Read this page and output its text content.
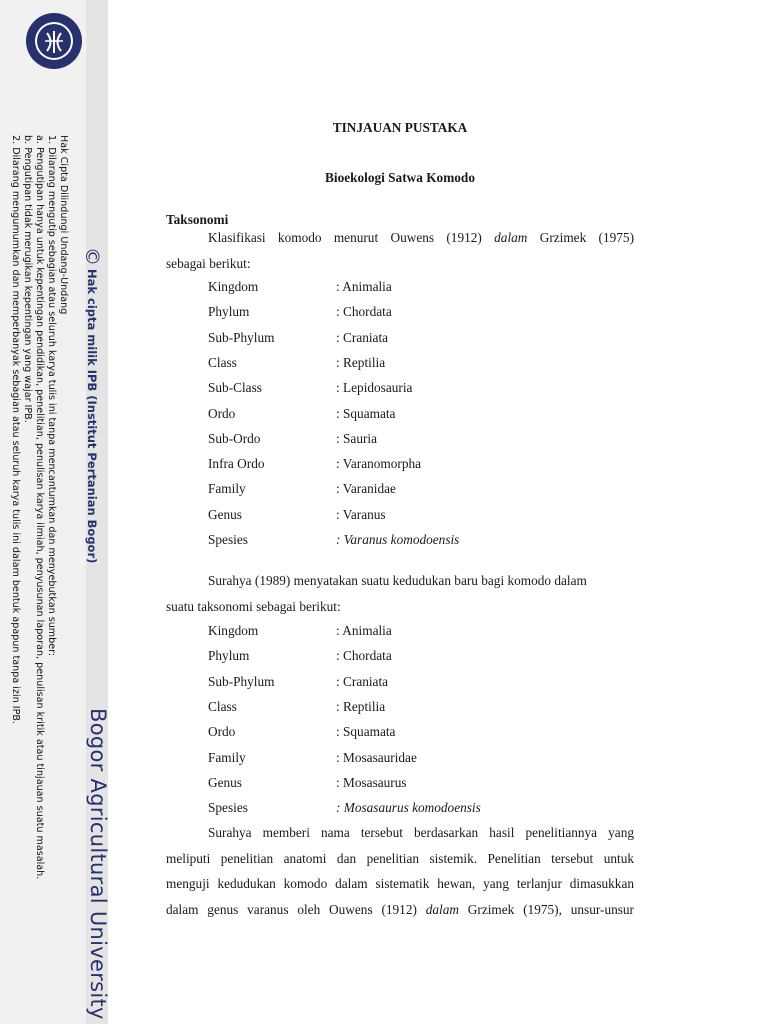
Hak Cipta Dilindungi Undang-Undang
1. Dilarang mengutip sebagian atau seluruh karya tulis ini tanpa mencantumkan dan menyebutkan sumber:
a. Pengutipan hanya untuk kepentingan pendidikan, penelitian, penulisan karya ilmiah, penyusunan laporan, penulisan kritik atau tinjauan suatu masalah.
b. Pengutipan tidak merugikan kepentingan yang wajar IPB.
2. Dilarang mengumumkan dan memperbanyak sebagian atau seluruh karya tulis ini dalam bentuk apapun tanpa izin IPB.	©Hak cipta milik IPB (Institut Pertanian Bogor)
Bogor Agricultural University
TINJAUAN PUSTAKA
Bioekologi Satwa Komodo
Taksonomi
Klasifikasi komodo menurut Ouwens (1912) dalam Grzimek (1975)
sebagai berikut:
Kingdom	: Animalia
Phylum	: Chordata
Sub-Phylum	: Craniata
Class	: Reptilia
Sub-Class	: Lepidosauria
Ordo	: Squamata
Sub-Ordo	: Sauria
Infra Ordo	: Varanomorpha
Family	: Varanidae
Genus	: Varanus
Spesies	: Varanus komodoensis
Surahya (1989) menyatakan suatu kedudukan baru bagi komodo dalam
suatu taksonomi sebagai berikut:
Kingdom	: Animalia
Phylum	: Chordata
Sub-Phylum	: Craniata
Class	: Reptilia
Ordo	: Squamata
Family	: Mosasauridae
Genus	: Mosasaurus
Spesies	: Mosasaurus komodoensis
Surahya memberi nama tersebut berdasarkan hasil penelitiannya yang
meliputi penelitian anatomi dan penelitian sistemik. Penelitian tersebut untuk
menguji kedudukan komodo dalam sistematik hewan, yang terlanjur dimasukkan
dalam genus varanus oleh Ouwens (1912) dalam Grzimek (1975), unsur-unsur
